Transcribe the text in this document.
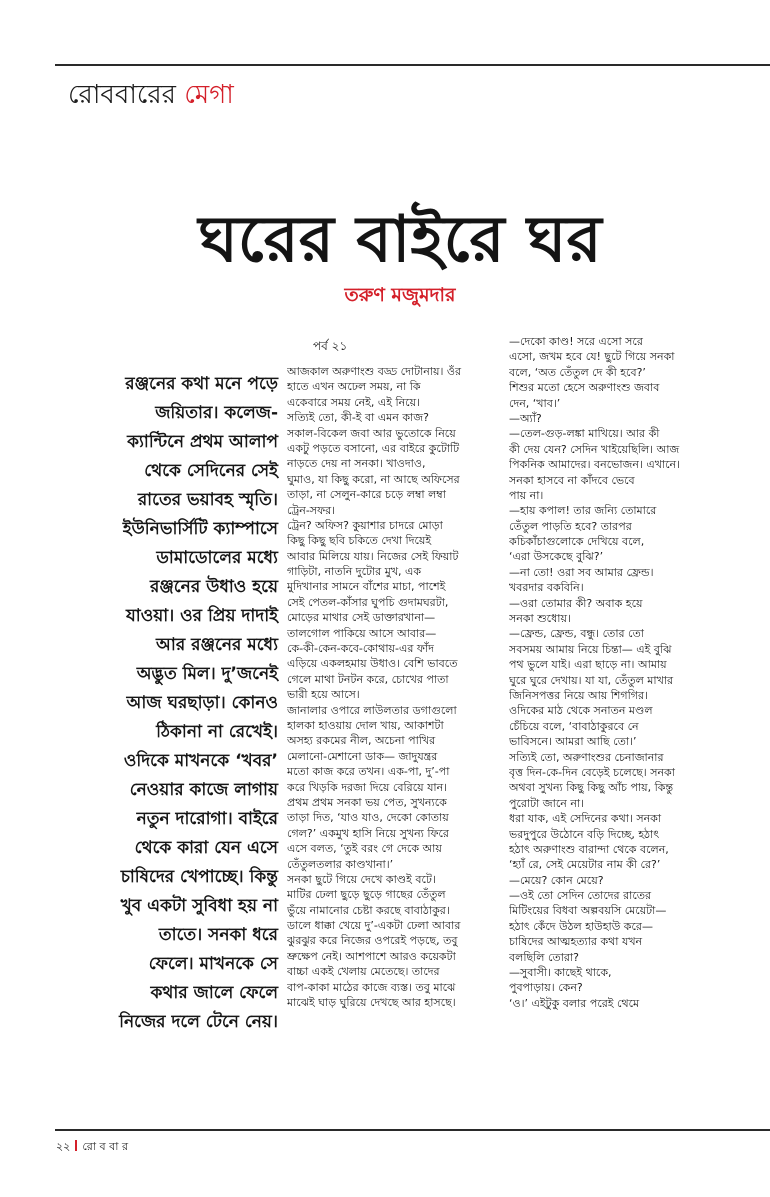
রোববারের মেগা
ঘরের বাইরে ঘর
তরুণ মজুমদার
রঞ্জনের কথা মনে পড়ে
জয়িতার। কলেজ-
ক্যান্টিনে প্রথম আলাপ
থেকে সেদিনের সেই
রাতের ভয়াবহ স্মৃতি।
ইউনিভার্সিটি ক্যাম্পাসে
ডামাডোলের মধ্যে
রঞ্জনের উধাও হয়ে
যাওয়া। ওর প্রিয় দাদাই
আর রঞ্জনের মধ্যে
অদ্ভুত মিল। দু’জনেই
আজ ঘরছাড়া। কোনও
ঠিকানা না রেখেই।
ওদিকে মাখনকে ‘খবর’
নেওয়ার কাজে লাগায়
নতুন দারোগা। বাইরে
থেকে কারা যেন এসে
চাষিদের খেপাচ্ছে। কিন্তু
খুব একটা সুবিধা হয় না
তাতে। সনকা ধরে
ফেলে। মাখনকে সে
কথার জালে ফেলে
নিজের দলে টেনে নেয়।
পর্ব ২১
আজকাল অরুণাংশু বড্ড দোটানায়। ওঁর
হাতে এখন অঢেল সময়, না কি
একেবারে সময় নেই, এই নিয়ে।
সত্যিই তো, কী-ই বা এমন কাজ?
সকাল-বিকেল জবা আর ভুতোকে নিয়ে
একটু পড়তে বসানো, এর বাইরে কুটোটি
নাড়তে দেয় না সনকা। খাওদাও,
ঘুমাও, যা কিছু করো, না আছে অফিসের
তাড়া, না সেলুন-কারে চড়ে লম্বা লম্বা
ট্রেন-সফর।
ট্রেন? অফিস? কুয়াশার চাদরে মোড়া
কিছু কিছু ছবি চকিতে দেখা দিয়েই
আবার মিলিয়ে যায়। নিজের সেই ফিয়াট
গাড়িটা, নাতনি দুটোর মুখ, এক
মুদিখানার সামনে বাঁশের মাচা, পাশেই
সেই পেতল-কাঁসার ঘুপচি গুদামঘরটা,
মোড়ের মাথার সেই ডাক্তারখানা—
তালগোল পাকিয়ে আসে আবার—
কে-কী-কেন-কবে-কোথায়-এর ফাঁদ
এড়িয়ে একলহমায় উধাও। বেশি ভাবতে
গেলে মাথা টনটন করে, চোখের পাতা
ভারী হয়ে আসে।
জানালার ওপারে লাউলতার ডগাগুলো
হালকা হাওয়ায় দোল খায়, আকাশটা
অসহ্য রকমের নীল, অচেনা পাখির
মেলানো-মেশানো ডাক— জাদুযন্ত্রর
মতো কাজ করে তখন। এক-পা, দু’-পা
করে খিড়কি দরজা দিয়ে বেরিয়ে যান।
প্রথম প্রথম সনকা ভয় পেত, সুখন্যকে
তাড়া দিত, ‘যাও যাও, দেকো কোতায়
গেল?’ একমুখ হাসি নিয়ে সুখন্য ফিরে
এসে বলত, ‘তুই বরং গে দেকে আয়
তেঁতুলতলার কাণ্ডখানা।’
সনকা ছুটে গিয়ে দেখে কাণ্ডই বটে।
মাটির ঢেলা ছুড়ে ছুড়ে গাছের তেঁতুল
ভুঁয়ে নামানোর চেষ্টা করছে বাবাঠাকুর।
ডালে ধাক্কা খেয়ে দু’-একটা ঢেলা আবার
ঝুরঝুর করে নিজের ওপরেই পড়ছে, তবু
ভ্রুক্ষেপ নেই। আশপাশে আরও কয়েকটা
বাচ্চা একই খেলায় মেতেছে। তাদের
বাপ-কাকা মাঠের কাজে ব্যস্ত। তবু মাঝে
মাঝেই ঘাড় ঘুরিয়ে দেখছে আর হাসছে।
—দেকো কাণ্ড! সরে এসো সরে
এসো, জখম হবে যে! ছুটে গিয়ে সনকা
বলে, ‘অত তেঁতুল দে কী হবে?’
শিশুর মতো হেসে অরুণাংশু জবাব
দেন, ‘খাব।’
—অ্যাঁ?
—তেল-গুড়-লঙ্কা মাখিয়ে। আর কী
কী দেয় যেন? সেদিন খাইয়েছিলি। আজ
পিকনিক আমাদের। বনভোজন। এখানে।
সনকা হাসবে না কাঁদবে ভেবে
পায় না।
—হায় কপাল! তার জন্যি তোমারে
তেঁতুল পাড়তি হবে? তারপর
কচিকাঁচাগুলোকে দেখিয়ে বলে,
‘এরা উসকেছে বুঝি?’
—না তো! ওরা সব আমার ফ্রেন্ড।
খবরদার বকবিনি।
—ওরা তোমার কী? অবাক হয়ে
সনকা শুধোয়।
—ফ্রেন্ড, ফ্রেন্ড, বন্ধু। তোর তো
সবসময় আমায় নিয়ে চিন্তা— এই বুঝি
পথ ভুলে যাই। এরা ছাড়ে না। আমায়
ঘুরে ঘুরে দেখায়। যা যা, তেঁতুল মাখার
জিনিসপত্তর নিয়ে আয় শিগগির।
ওদিকের মাঠ থেকে সনাতন মণ্ডল
চেঁচিয়ে বলে, ‘বাবাঠাকুরবে নে
ভাবিসনে। আমরা আছি তো।’
সত্যিই তো, অরুণাংশুর চেনাজানার
বৃত্ত দিন-কে-দিন বেড়েই চলেছে। সনকা
অথবা সুখন্য কিছু কিছু আঁচ পায়, কিন্তু
পুরোটা জানে না।
ধরা যাক, এই সেদিনের কথা। সনকা
ভরদুপুরে উঠোনে বড়ি দিচ্ছে, হঠাৎ
হঠাৎ অরুণাংশু বারান্দা থেকে বলেন,
‘হ্যাঁ রে, সেই মেয়েটার নাম কী রে?’
—মেয়ে? কোন মেয়ে?
—ওই তো সেদিন তোদের রাতের
মিটিংয়ের বিধবা অল্পবয়সি মেয়েটা—
হঠাৎ কেঁদে উঠল হাউহাউ করে—
চাষিদের আত্মহত্যার কথা যখন
বলছিলি তোরা?
—সুবাসী। কাছেই থাকে,
পুবপাড়ায়। কেন?
‘ও।’ এইটুকু বলার পরেই থেমে
২২ রো ব বা র
